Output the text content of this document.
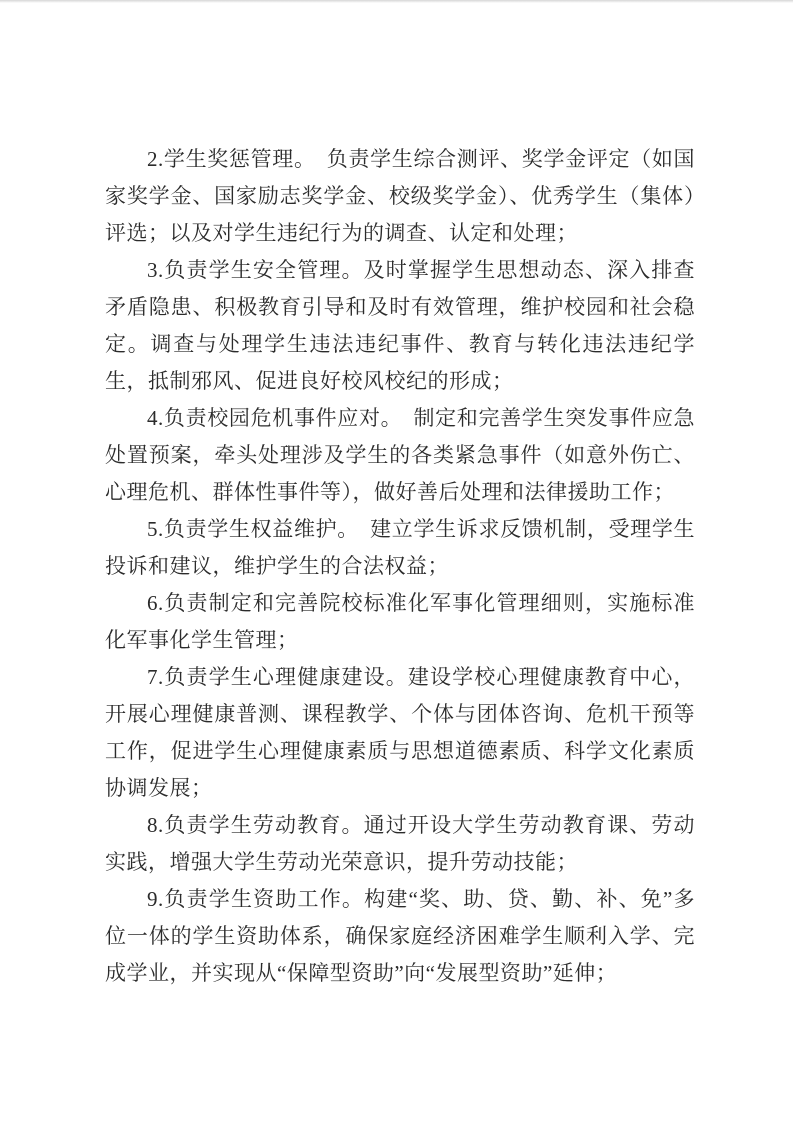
2.学生奖惩管理。　负责学生综合测评、奖学金评定（如国家奖学金、国家励志奖学金、校级奖学金）、优秀学生（集体）评选；以及对学生违纪行为的调查、认定和处理；

3.负责学生安全管理。及时掌握学生思想动态、深入排查矛盾隐患、积极教育引导和及时有效管理，维护校园和社会稳定。调查与处理学生违法违纪事件、教育与转化违法违纪学生，抵制邪风、促进良好校风校纪的形成；

4.负责校园危机事件应对。　制定和完善学生突发事件应急处置预案，牵头处理涉及学生的各类紧急事件（如意外伤亡、心理危机、群体性事件等），做好善后处理和法律援助工作；

5.负责学生权益维护。　建立学生诉求反馈机制，受理学生投诉和建议，维护学生的合法权益；

6.负责制定和完善院校标准化军事化管理细则，实施标准化军事化学生管理；

7.负责学生心理健康建设。建设学校心理健康教育中心，开展心理健康普测、课程教学、个体与团体咨询、危机干预等工作，促进学生心理健康素质与思想道德素质、科学文化素质协调发展；

8.负责学生劳动教育。通过开设大学生劳动教育课、劳动实践，增强大学生劳动光荣意识，提升劳动技能；

9.负责学生资助工作。构建“奖、助、贷、勤、补、免”多位一体的学生资助体系，确保家庭经济困难学生顺利入学、完成学业，并实现从“保障型资助”向“发展型资助”延伸；
